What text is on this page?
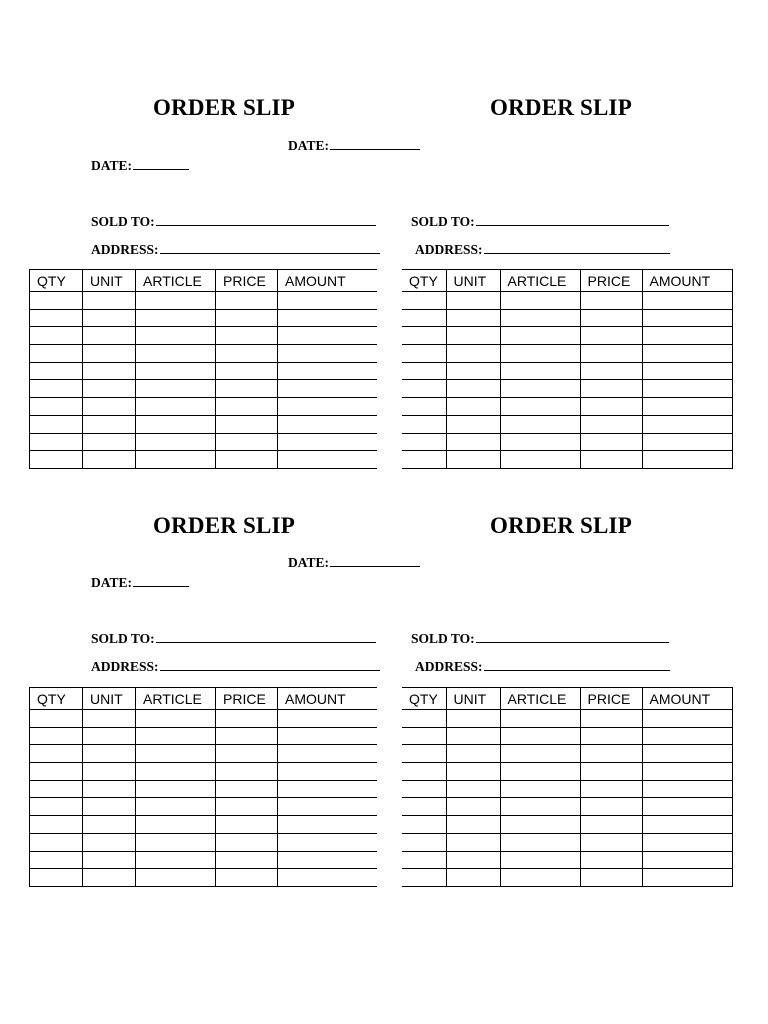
ORDER SLIP
DATE:
SOLD TO:
ADDRESS:
QTY	UNIT	ARTICLE	PRICE	AMOUNT

ORDER SLIP
DATE:
SOLD TO:
ADDRESS:
QTY	UNIT	ARTICLE	PRICE	AMOUNT

ORDER SLIP
DATE:
SOLD TO:
ADDRESS:
QTY	UNIT	ARTICLE	PRICE	AMOUNT

ORDER SLIP
DATE:
SOLD TO:
ADDRESS:
QTY	UNIT	ARTICLE	PRICE	AMOUNT
